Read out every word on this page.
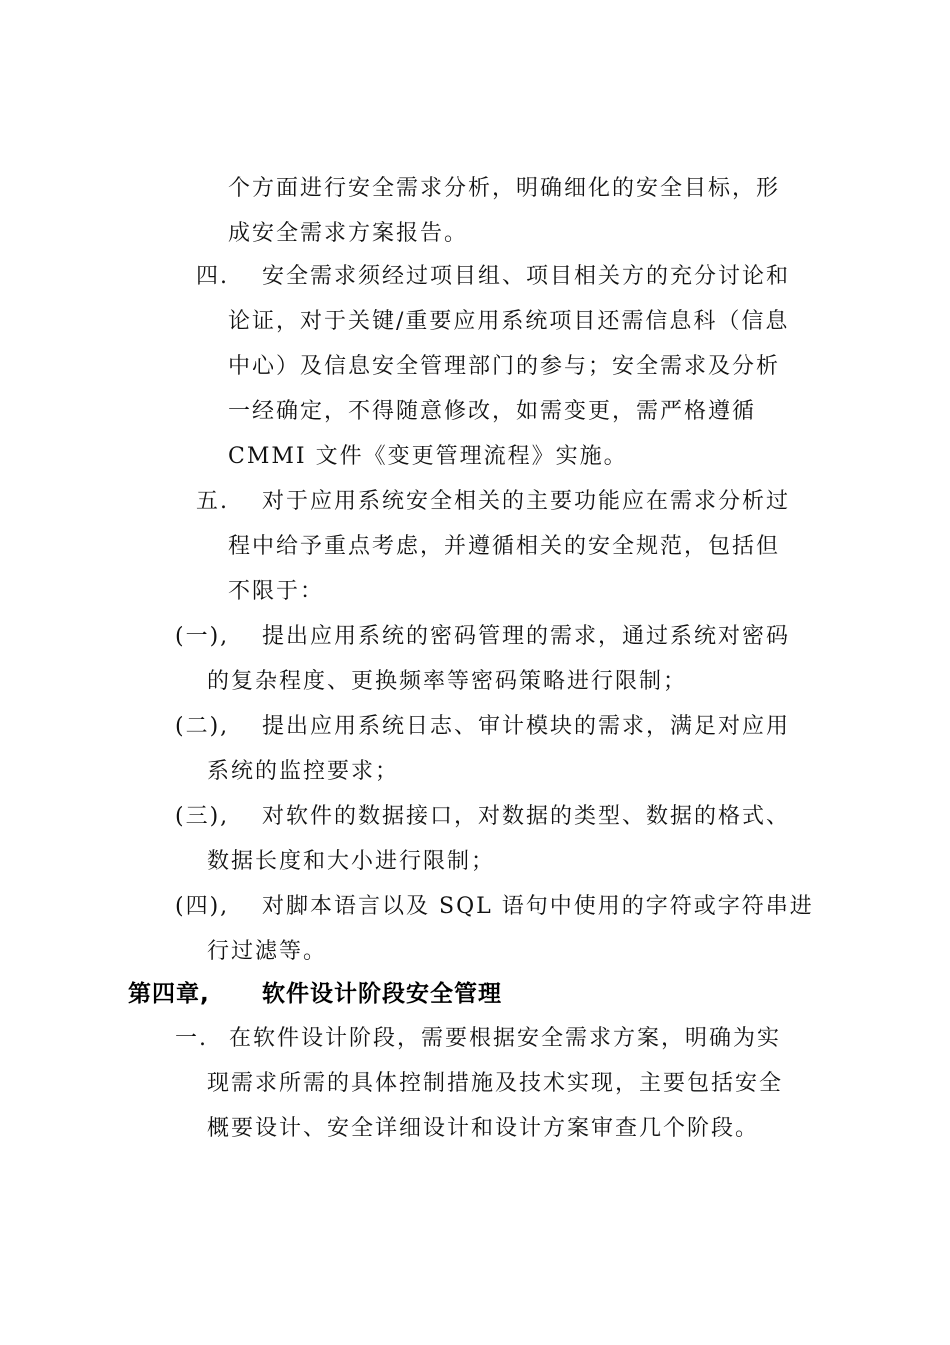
个方面进行安全需求分析，明确细化的安全目标，形
成安全需求方案报告。
四. 安全需求须经过项目组、项目相关方的充分讨论和
论证，对于关键/重要应用系统项目还需信息科（信息
中心）及信息安全管理部门的参与；安全需求及分析
一经确定，不得随意修改，如需变更，需严格遵循
CMMI 文件《变更管理流程》实施。
五. 对于应用系统安全相关的主要功能应在需求分析过
程中给予重点考虑，并遵循相关的安全规范，包括但
不限于：
(一), 提出应用系统的密码管理的需求，通过系统对密码
的复杂程度、更换频率等密码策略进行限制；
(二), 提出应用系统日志、审计模块的需求，满足对应用
系统的监控要求；
(三), 对软件的数据接口，对数据的类型、数据的格式、
数据长度和大小进行限制；
(四), 对脚本语言以及 SQL 语句中使用的字符或字符串进
行过滤等。
第四章, 软件设计阶段安全管理
一. 在软件设计阶段，需要根据安全需求方案，明确为实
现需求所需的具体控制措施及技术实现，主要包括安全
概要设计、安全详细设计和设计方案审查几个阶段。
